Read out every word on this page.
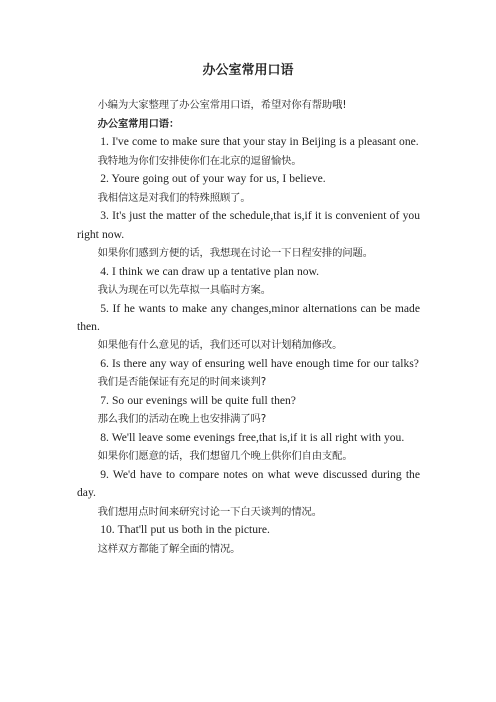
办公室常用口语

小编为大家整理了办公室常用口语，希望对你有帮助哦!

办公室常用口语：

1. I've come to make sure that your stay in Beijing is a pleasant one.

我特地为你们安排使你们在北京的逗留愉快。

2. Youre going out of your way for us, I believe.

我相信这是对我们的特殊照顾了。

3. It's just the matter of the schedule,that is,if it is convenient of you right now.

如果你们感到方便的话，我想现在讨论一下日程安排的问题。

4. I think we can draw up a tentative plan now.

我认为现在可以先草拟一具临时方案。

5. If he wants to make any changes,minor alternations can be made then.

如果他有什么意见的话，我们还可以对计划稍加修改。

6. Is there any way of ensuring well have enough time for our talks?

我们是否能保证有充足的时间来谈判?

7. So our evenings will be quite full then?

那么我们的活动在晚上也安排满了吗?

8. We'll leave some evenings free,that is,if it is all right with you.

如果你们愿意的话，我们想留几个晚上供你们自由支配。

9. We'd have to compare notes on what weve discussed during the day.

我们想用点时间来研究讨论一下白天谈判的情况。

10. That'll put us both in the picture.

这样双方都能了解全面的情况。
